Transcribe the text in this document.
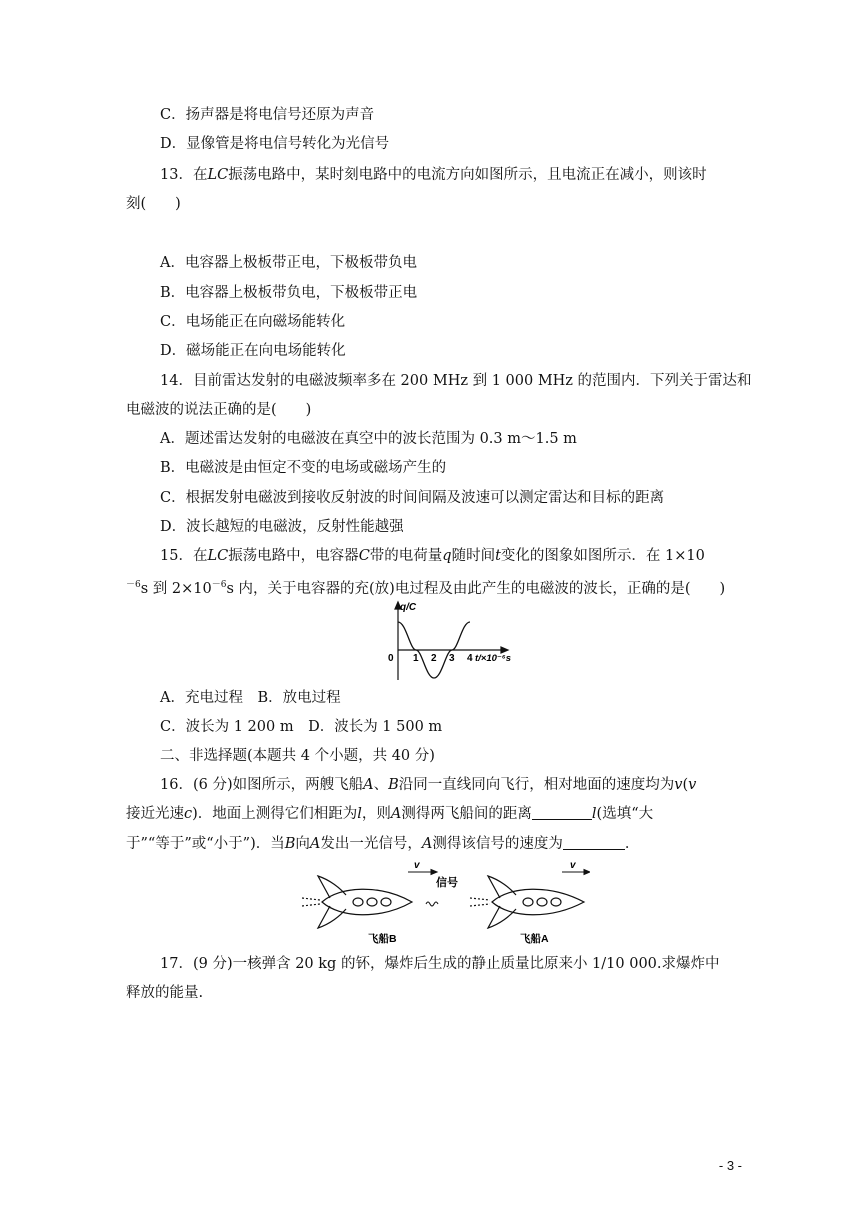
C．扬声器是将电信号还原为声音
D．显像管是将电信号转化为光信号
13．在LC振荡电路中，某时刻电路中的电流方向如图所示，且电流正在减小，则该时
刻(　　)
A．电容器上极板带正电，下极板带负电
B．电容器上极板带负电，下极板带正电
C．电场能正在向磁场能转化
D．磁场能正在向电场能转化
14．目前雷达发射的电磁波频率多在 200 MHz 到 1 000 MHz 的范围内．下列关于雷达和
电磁波的说法正确的是(　　)
A．题述雷达发射的电磁波在真空中的波长范围为 0.3 m～1.5 m
B．电磁波是由恒定不变的电场或磁场产生的
C．根据发射电磁波到接收反射波的时间间隔及波速可以测定雷达和目标的距离
D．波长越短的电磁波，反射性能越强
15．在LC振荡电路中，电容器C带的电荷量q随时间t变化的图象如图所示．在 1×10
$^{-6}$s 到 $2\times 10^{-6}s$ 内，关于电容器的充(放)电过程及由此产生的电磁波的波长，正确的是(　　)
q/C
0 1 2 3 4 t/×10⁻⁶s
A．充电过程　B．放电过程
C．波长为 1 200 m　D．波长为 1 500 m
二、非选择题(本题共 4 个小题，共 40 分)
16．(6 分)如图所示，两艘飞船A、B沿同一直线同向飞行，相对地面的速度均为v(v
接近光速c)．地面上测得它们相距为l，则A测得两飞船间的距离	l(选填“大
于”“等于”或“小于”)．当B向A发出一光信号，A测得该信号的速度为	．
信号
v	v
飞船B	飞船A
17．(9 分)一核弹含 20 kg 的钚，爆炸后生成的静止质量比原来小 1/10 000.求爆炸中
释放的能量.
- 3 -
